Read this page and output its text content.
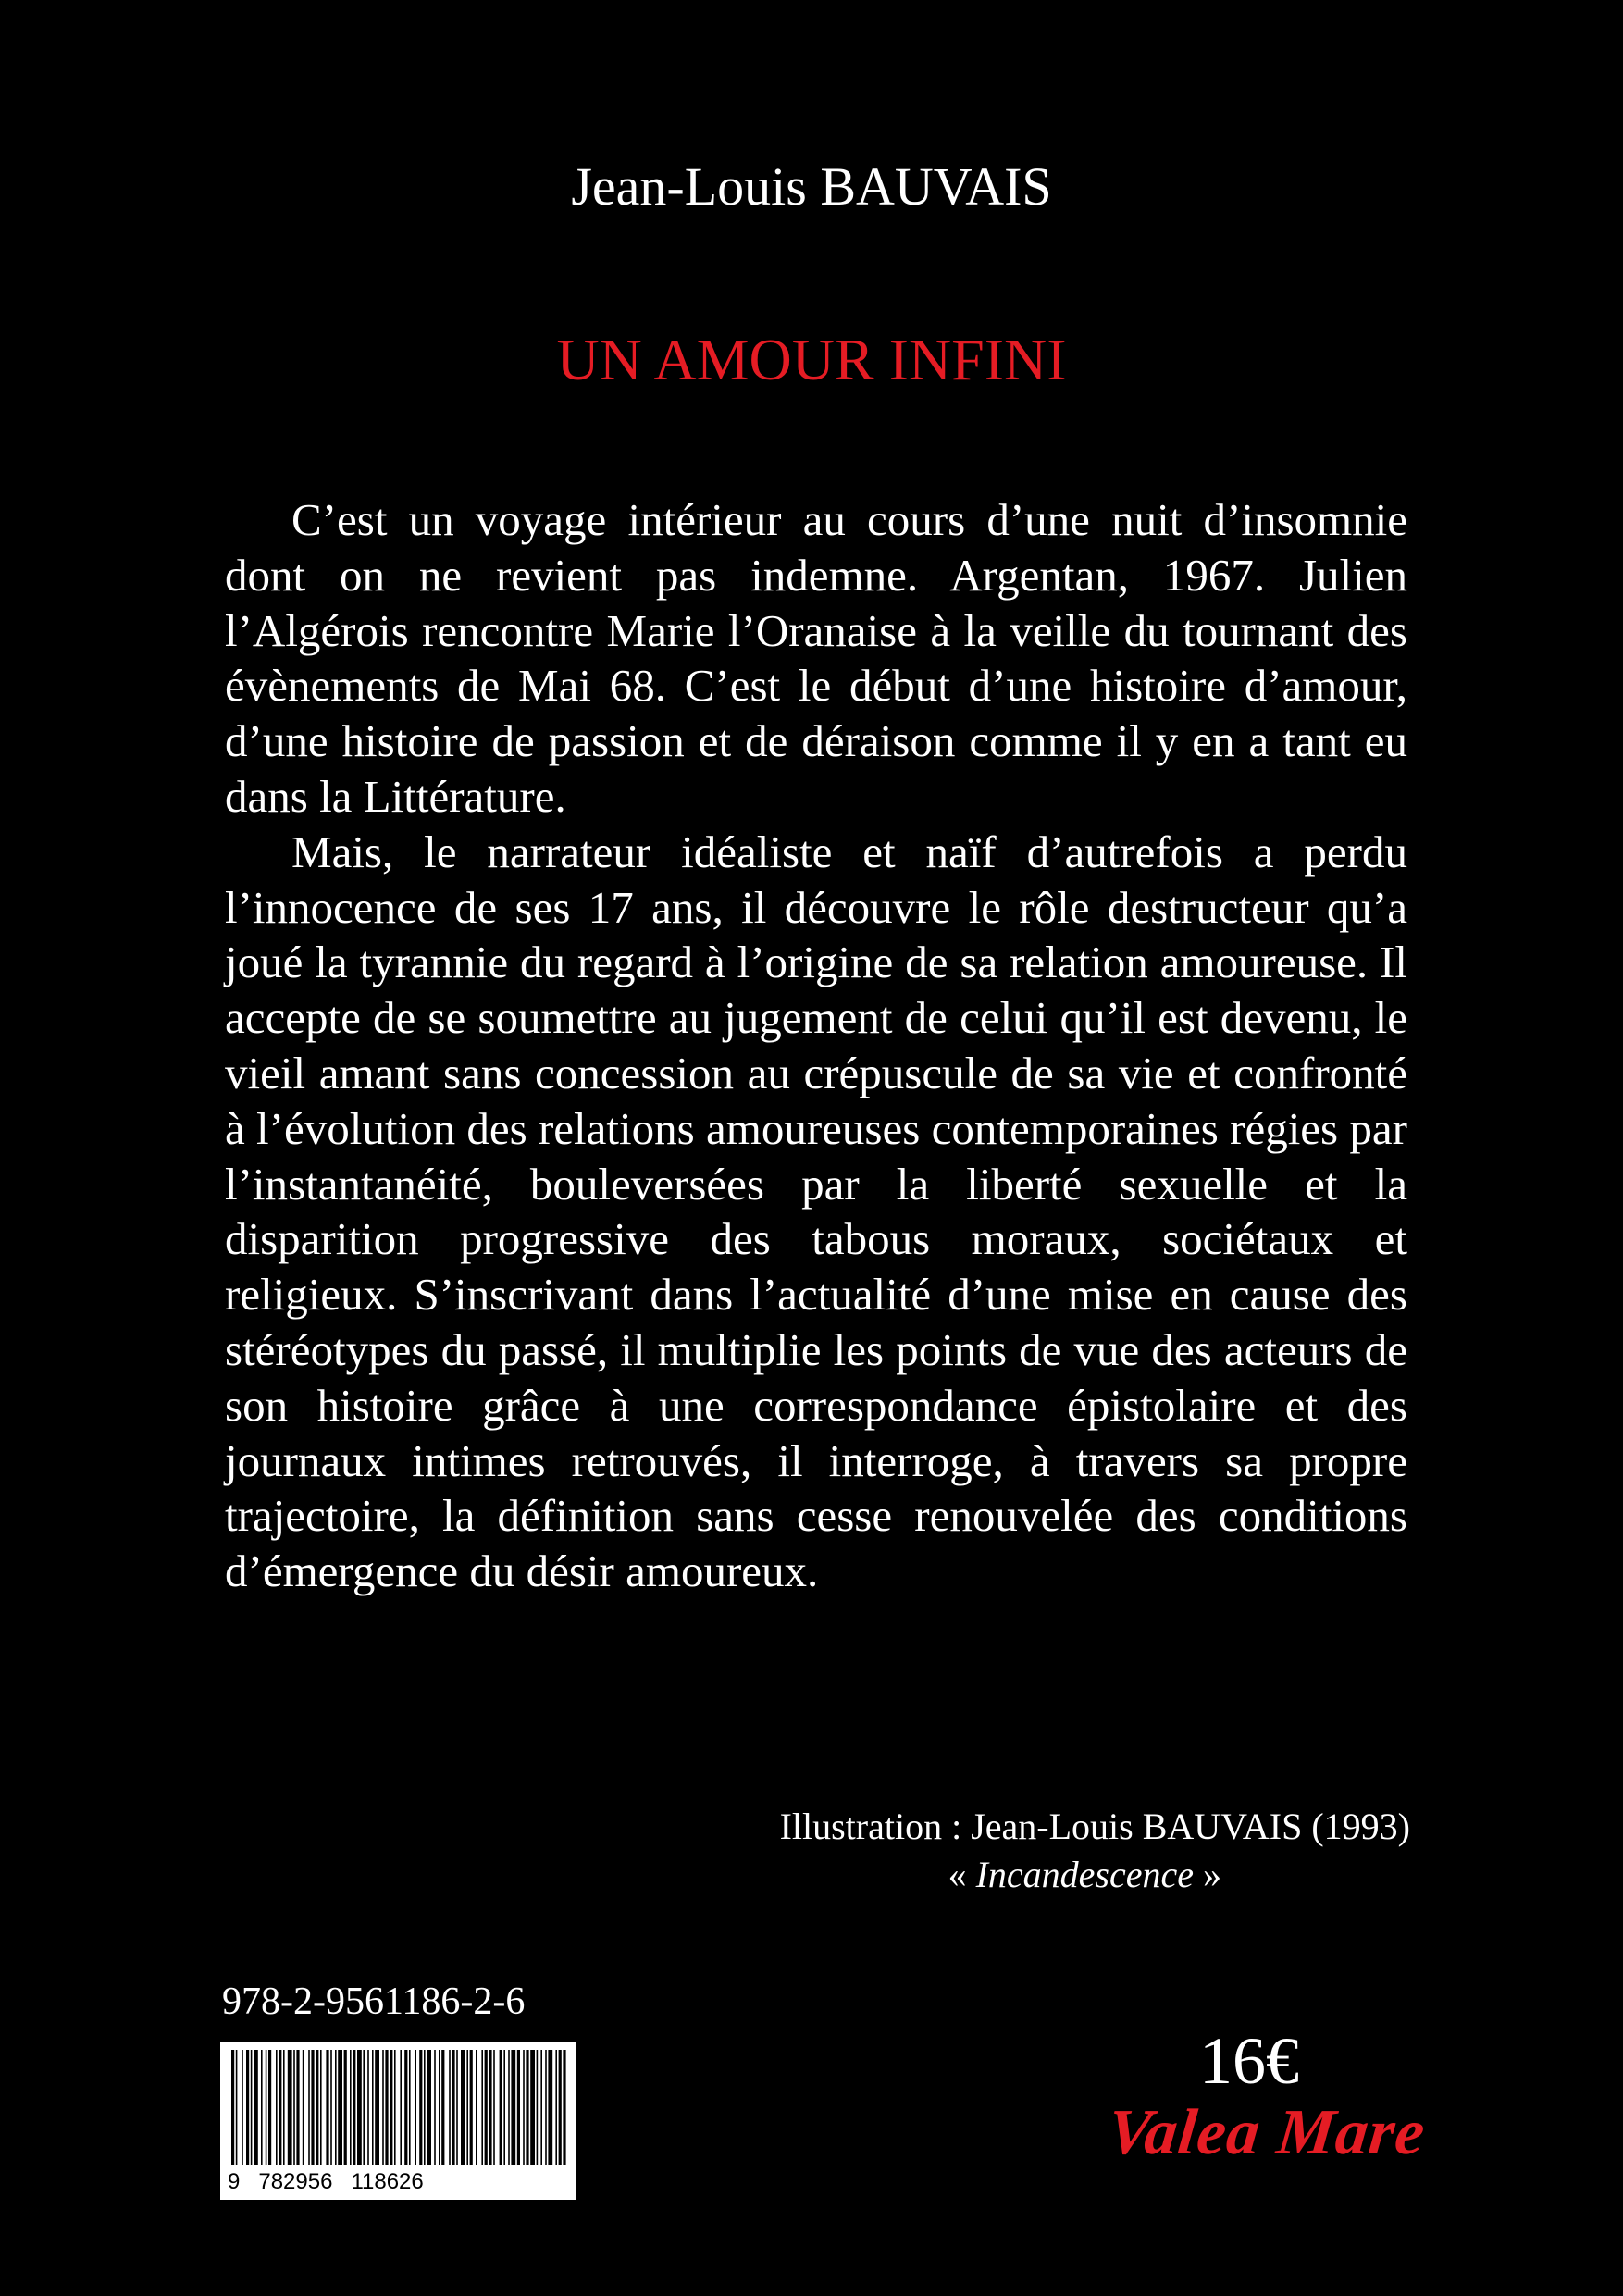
Jean-Louis BAUVAIS
UN AMOUR INFINI

C’est un voyage intérieur au cours d’une nuit d’insomnie dont on ne revient pas indemne. Argentan, 1967. Julien l’Algérois rencontre Marie l’Oranaise à la veille du tournant des évènements de Mai 68. C’est le début d’une histoire d’amour, d’une histoire de passion et de déraison comme il y en a tant eu dans la Littérature.

Mais, le narrateur idéaliste et naïf d’autrefois a perdu l’innocence de ses 17 ans, il découvre le rôle destructeur qu’a joué la tyrannie du regard à l’origine de sa relation amoureuse. Il accepte de se soumettre au jugement de celui qu’il est devenu, le vieil amant sans concession au crépuscule de sa vie et confronté à l’évolution des relations amoureuses contemporaines régies par l’instantanéité, bouleversées par la liberté sexuelle et la disparition progressive des tabous moraux, sociétaux et religieux. S’inscrivant dans l’actualité d’une mise en cause des stéréotypes du passé, il multiplie les points de vue des acteurs de son histoire grâce à une correspondance épistolaire et des journaux intimes retrouvés, il interroge, à travers sa propre trajectoire, la définition sans cesse renouvelée des conditions d’émergence du désir amoureux.

Illustration : Jean-Louis BAUVAIS (1993)
« Incandescence »
978-2-9561186-2-6
9   782956   118626
16€
Valea Mare
